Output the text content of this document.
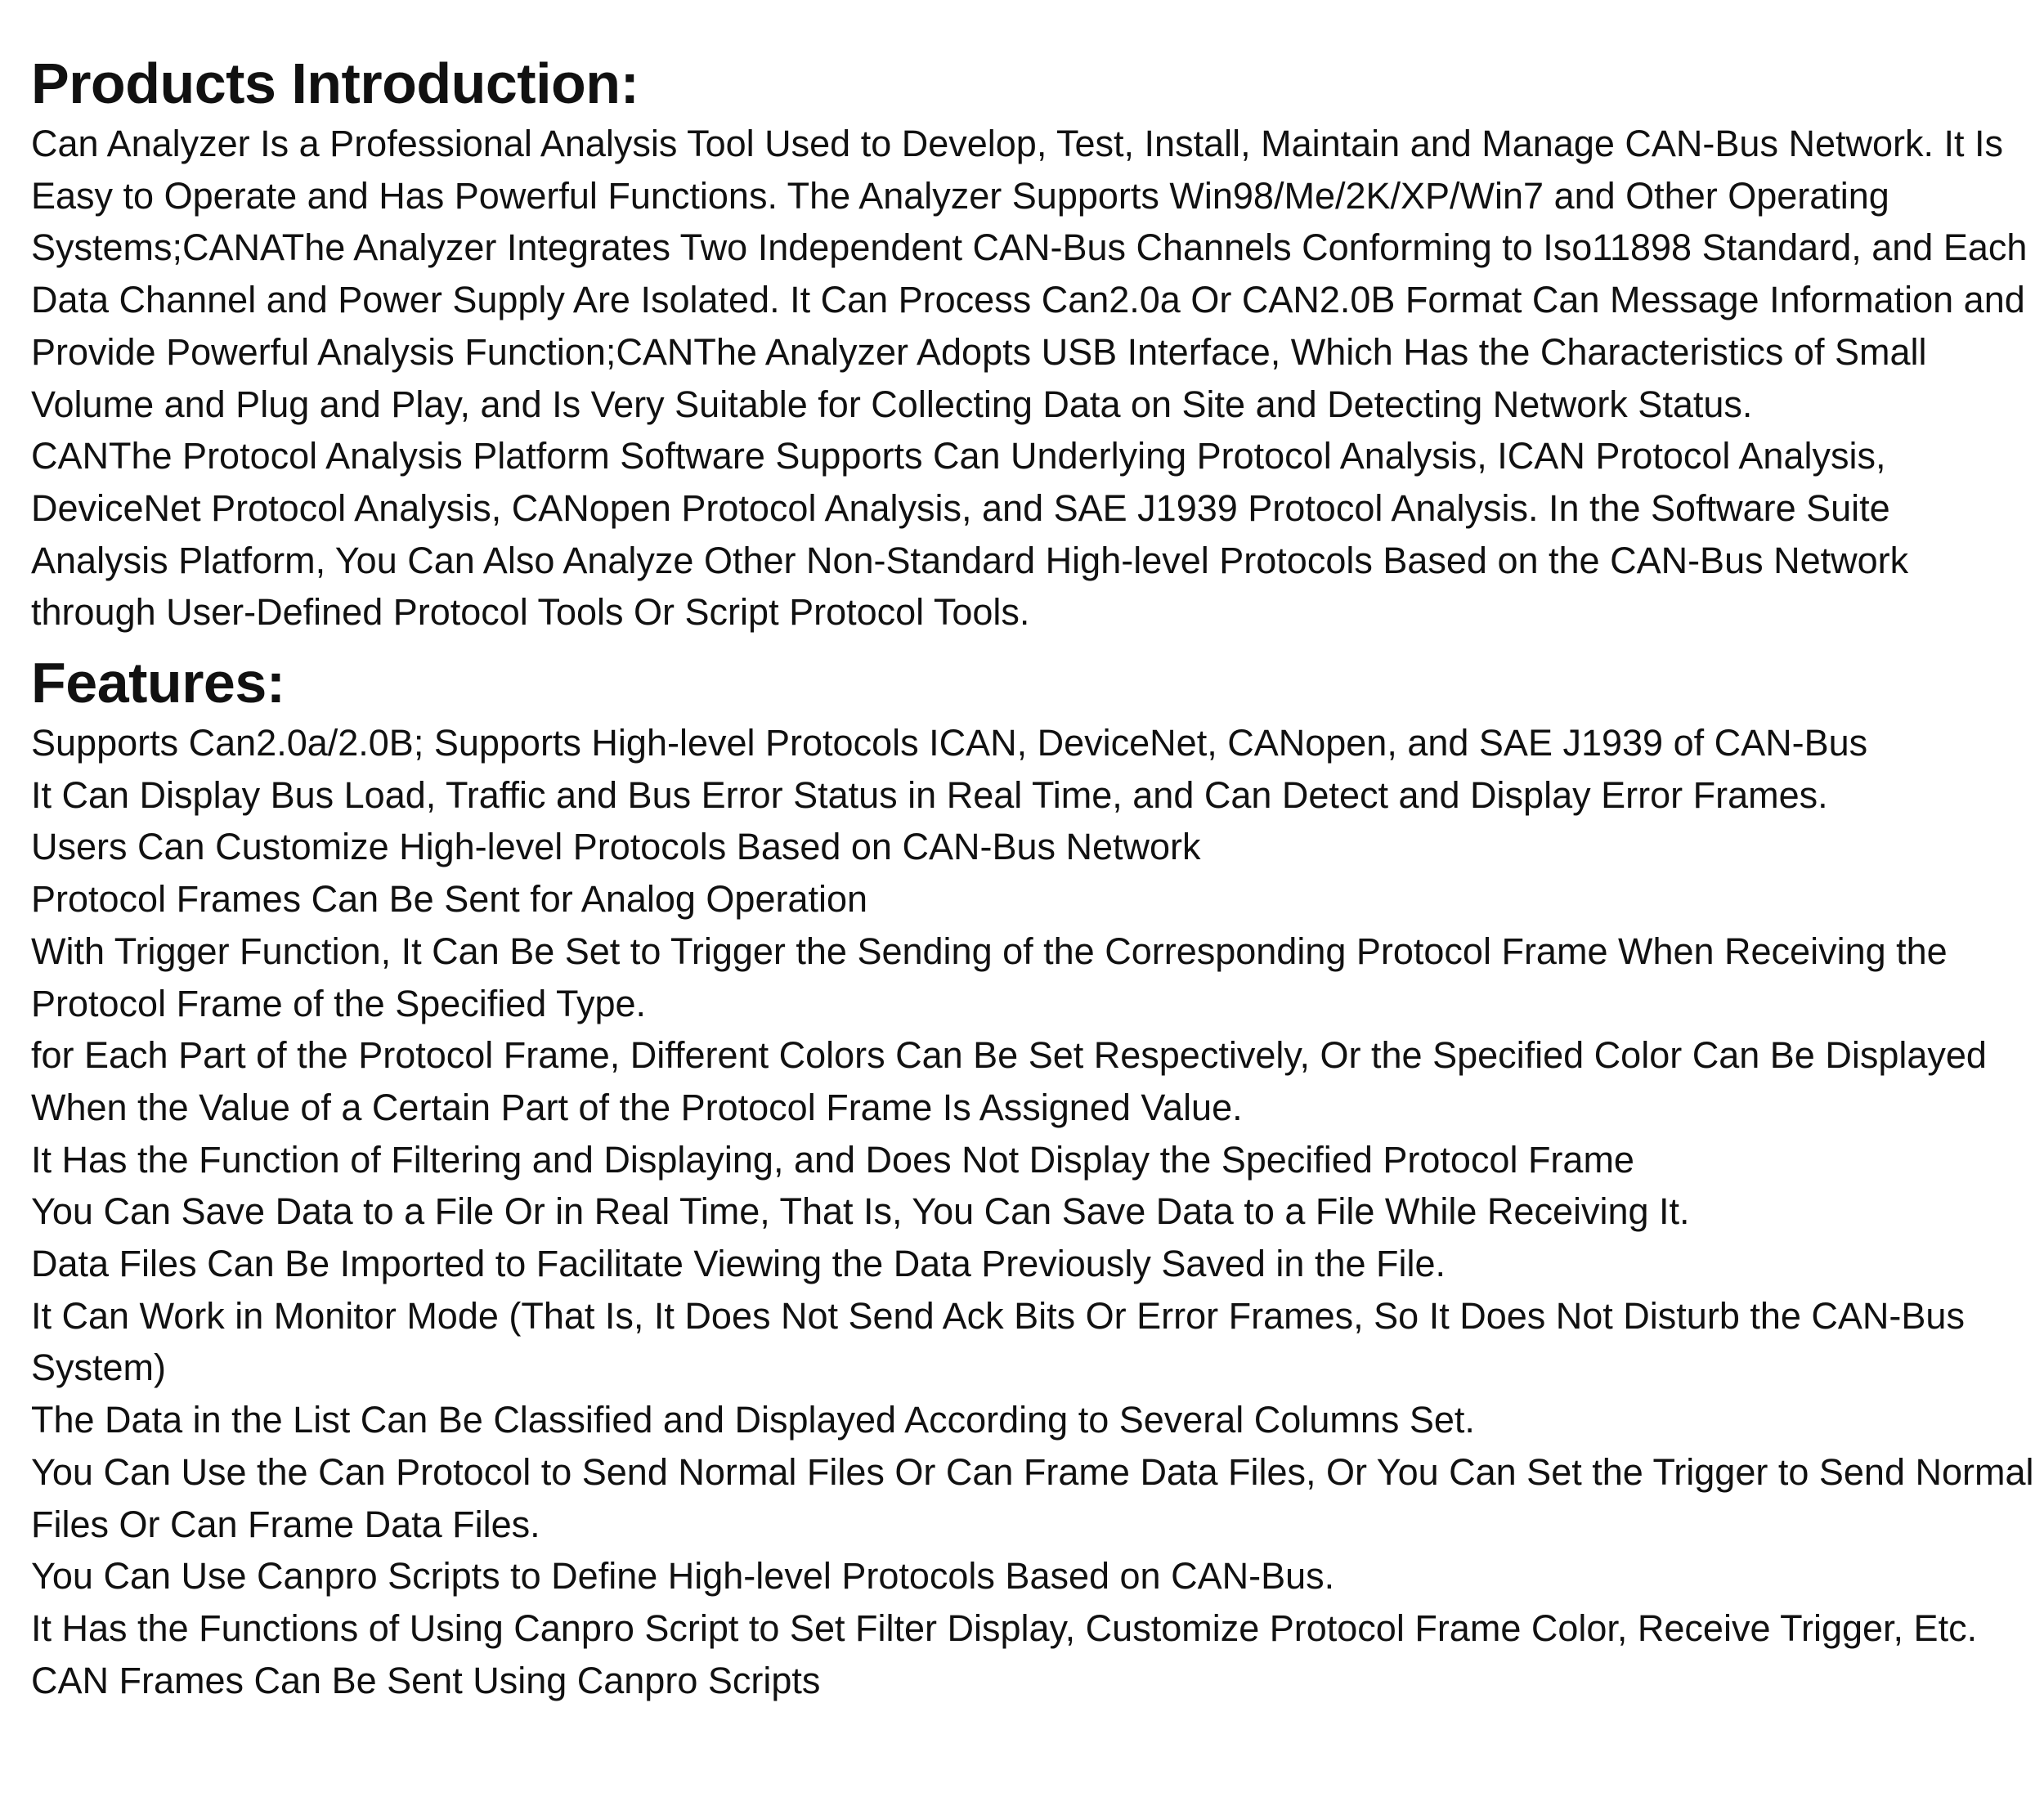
Products Introduction:

Can Analyzer Is a Professional Analysis Tool Used to Develop, Test, Install, Maintain and Manage CAN-Bus Network. It Is Easy to Operate and Has Powerful Functions. The Analyzer Supports Win98/Me/2K/XP/Win7 and Other Operating Systems;CANAThe Analyzer Integrates Two Independent CAN-Bus Channels Conforming to Iso11898 Standard, and Each Data Channel and Power Supply Are Isolated. It Can Process Can2.0a Or CAN2.0B Format Can Message Information and Provide Powerful Analysis Function;CANThe Analyzer Adopts USB Interface, Which Has the Characteristics of Small Volume and Plug and Play, and Is Very Suitable for Collecting Data on Site and Detecting Network Status.

CANThe Protocol Analysis Platform Software Supports Can Underlying Protocol Analysis, ICAN Protocol Analysis, DeviceNet Protocol Analysis, CANopen Protocol Analysis, and SAE J1939 Protocol Analysis. In the Software Suite Analysis Platform, You Can Also Analyze Other Non-Standard High-level Protocols Based on the CAN-Bus Network through User-Defined Protocol Tools Or Script Protocol Tools.

Features:
Supports Can2.0a/2.0B; Supports High-level Protocols ICAN, DeviceNet, CANopen, and SAE J1939 of CAN-Bus
It Can Display Bus Load, Traffic and Bus Error Status in Real Time, and Can Detect and Display Error Frames.
Users Can Customize High-level Protocols Based on CAN-Bus Network
Protocol Frames Can Be Sent for Analog Operation
With Trigger Function, It Can Be Set to Trigger the Sending of the Corresponding Protocol Frame When Receiving the Protocol Frame of the Specified Type.
for Each Part of the Protocol Frame, Different Colors Can Be Set Respectively, Or the Specified Color Can Be Displayed When the Value of a Certain Part of the Protocol Frame Is Assigned Value.
It Has the Function of Filtering and Displaying, and Does Not Display the Specified Protocol Frame
You Can Save Data to a File Or in Real Time, That Is, You Can Save Data to a File While Receiving It.
Data Files Can Be Imported to Facilitate Viewing the Data Previously Saved in the File.
It Can Work in Monitor Mode (That Is, It Does Not Send Ack Bits Or Error Frames, So It Does Not Disturb the CAN-Bus System)
The Data in the List Can Be Classified and Displayed According to Several Columns Set.
You Can Use the Can Protocol to Send Normal Files Or Can Frame Data Files, Or You Can Set the Trigger to Send Normal Files Or Can Frame Data Files.
You Can Use Canpro Scripts to Define High-level Protocols Based on CAN-Bus.
It Has the Functions of Using Canpro Script to Set Filter Display, Customize Protocol Frame Color, Receive Trigger, Etc.
CAN Frames Can Be Sent Using Canpro Scripts
